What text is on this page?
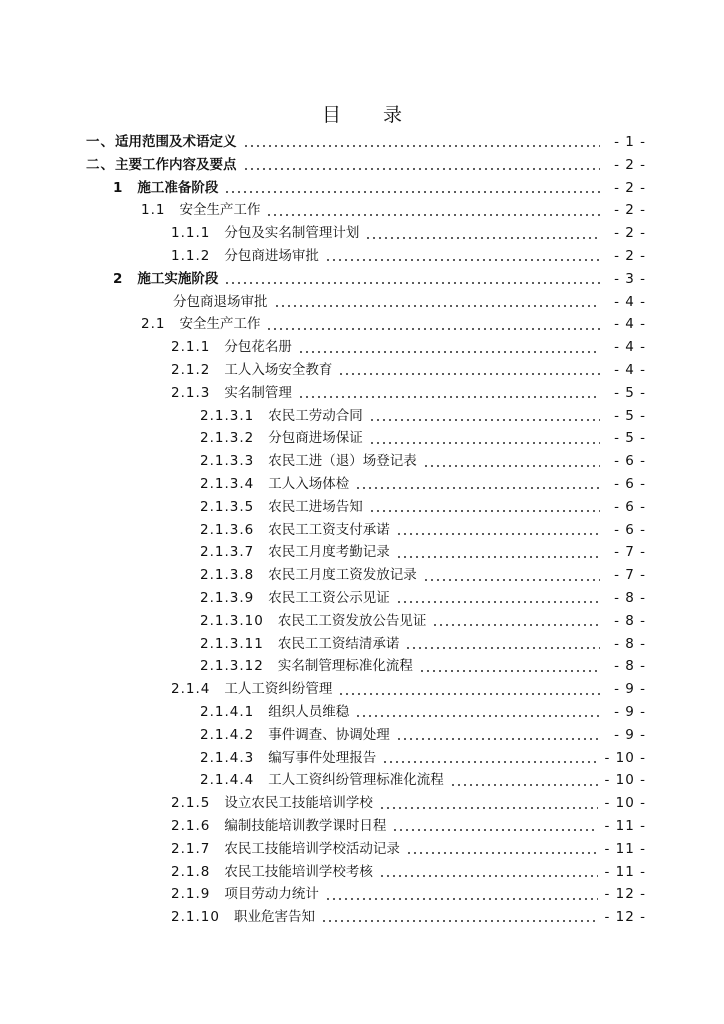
目 录
一、 适用范围及术语定义	- 1 -
二、 主要工作内容及要点	- 2 -
1 施工准备阶段	- 2 -
1.1 安全生产工作	- 2 -
1.1.1 分包及实名制管理计划	- 2 -
1.1.2 分包商进场审批	- 2 -
2 施工实施阶段	- 3 -
分包商退场审批	- 4 -
2.1 安全生产工作	- 4 -
2.1.1 分包花名册	- 4 -
2.1.2 工人入场安全教育	- 4 -
2.1.3 实名制管理	- 5 -
2.1.3.1 农民工劳动合同	- 5 -
2.1.3.2 分包商进场保证	- 5 -
2.1.3.3 农民工进（退）场登记表	- 6 -
2.1.3.4 工人入场体检	- 6 -
2.1.3.5 农民工进场告知	- 6 -
2.1.3.6 农民工工资支付承诺	- 6 -
2.1.3.7 农民工月度考勤记录	- 7 -
2.1.3.8 农民工月度工资发放记录	- 7 -
2.1.3.9 农民工工资公示见证	- 8 -
2.1.3.10 农民工工资发放公告见证	- 8 -
2.1.3.11 农民工工资结清承诺	- 8 -
2.1.3.12 实名制管理标准化流程	- 8 -
2.1.4 工人工资纠纷管理	- 9 -
2.1.4.1 组织人员维稳	- 9 -
2.1.4.2 事件调查、协调处理	- 9 -
2.1.4.3 编写事件处理报告	- 10 -
2.1.4.4 工人工资纠纷管理标准化流程	- 10 -
2.1.5 设立农民工技能培训学校	- 10 -
2.1.6 编制技能培训教学课时日程	- 11 -
2.1.7 农民工技能培训学校活动记录	- 11 -
2.1.8 农民工技能培训学校考核	- 11 -
2.1.9 项目劳动力统计	- 12 -
2.1.10 职业危害告知	- 12 -
